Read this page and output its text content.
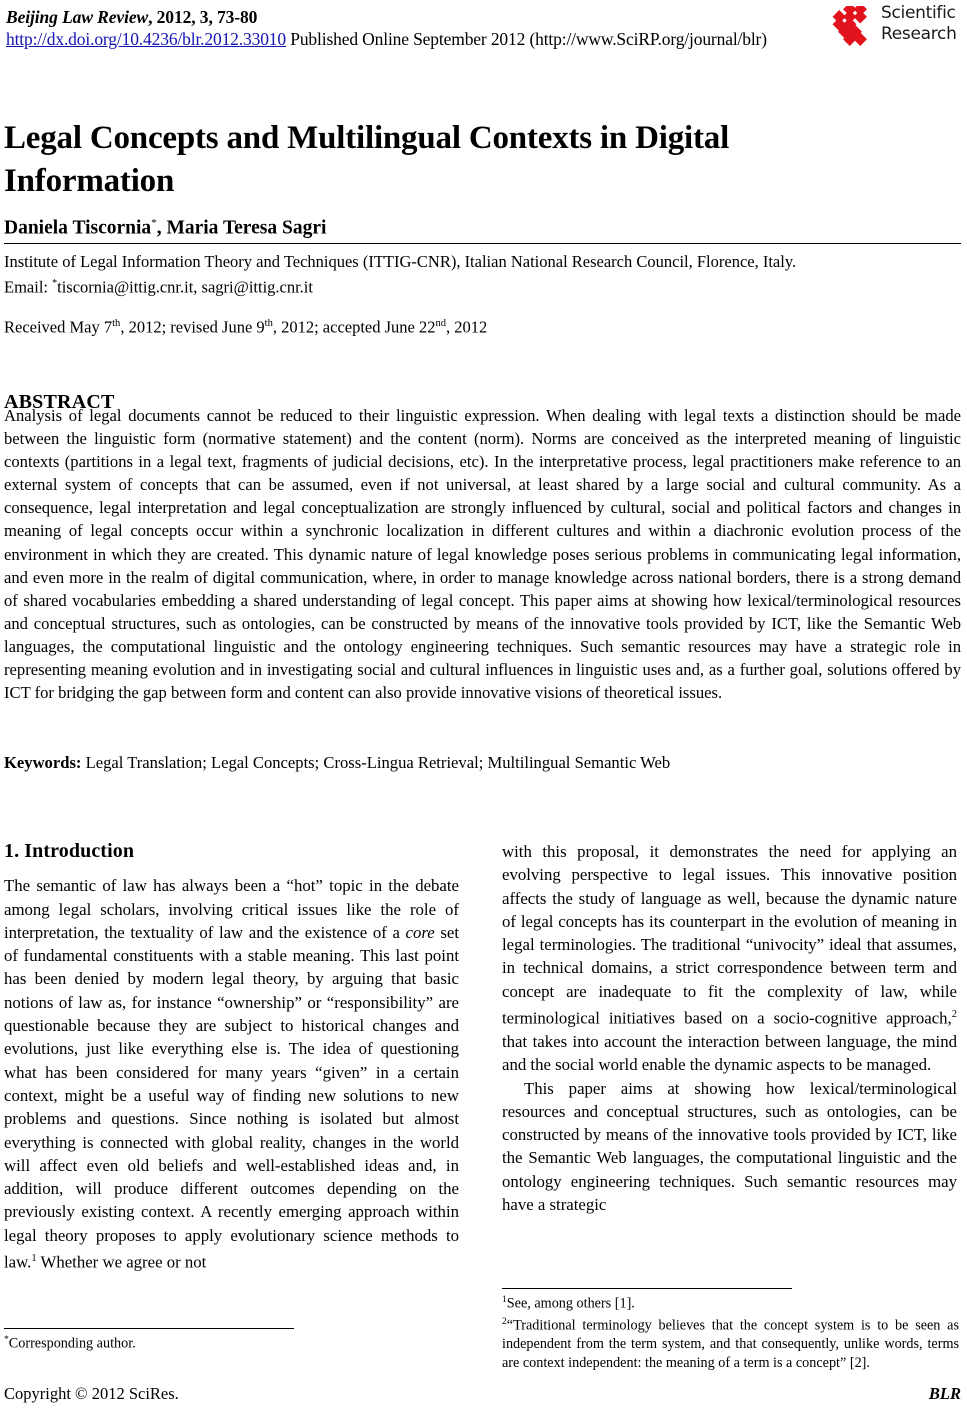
Beijing Law Review, 2012, 3, 73-80
http://dx.doi.org/10.4236/blr.2012.33010 Published Online September 2012 (http://www.SciRP.org/journal/blr)
Scientific
Research
Legal Concepts and Multilingual Contexts in Digital Information
Daniela Tiscornia*, Maria Teresa Sagri
Institute of Legal Information Theory and Techniques (ITTIG-CNR), Italian National Research Council, Florence, Italy.
Email: *tiscornia@ittig.cnr.it, sagri@ittig.cnr.it
Received May 7th, 2012; revised June 9th, 2012; accepted June 22nd, 2012
ABSTRACT
Analysis of legal documents cannot be reduced to their linguistic expression. When dealing with legal texts a distinction should be made between the linguistic form (normative statement) and the content (norm). Norms are conceived as the interpreted meaning of linguistic contexts (partitions in a legal text, fragments of judicial decisions, etc). In the interpretative process, legal practitioners make reference to an external system of concepts that can be assumed, even if not universal, at least shared by a large social and cultural community. As a consequence, legal interpretation and legal conceptualization are strongly influenced by cultural, social and political factors and changes in meaning of legal concepts occur within a synchronic localization in different cultures and within a diachronic evolution process of the environment in which they are created. This dynamic nature of legal knowledge poses serious problems in communicating legal information, and even more in the realm of digital communication, where, in order to manage knowledge across national borders, there is a strong demand of shared vocabularies embedding a shared understanding of legal concept. This paper aims at showing how lexical/terminological resources and conceptual structures, such as ontologies, can be constructed by means of the innovative tools provided by ICT, like the Semantic Web languages, the computational linguistic and the ontology engineering techniques. Such semantic resources may have a strategic role in representing meaning evolution and in investigating social and cultural influences in linguistic uses and, as a further goal, solutions offered by ICT for bridging the gap between form and content can also provide innovative visions of theoretical issues.
Keywords: Legal Translation; Legal Concepts; Cross-Lingua Retrieval; Multilingual Semantic Web
1. Introduction

The semantic of law has always been a “hot” topic in the debate among legal scholars, involving critical issues like the role of interpretation, the textuality of law and the existence of a core set of fundamental constituents with a stable meaning. This last point has been denied by modern legal theory, by arguing that basic notions of law as, for instance “ownership” or “responsibility” are questionable because they are subject to historical changes and evolutions, just like everything else is. The idea of questioning what has been considered for many years “given” in a certain context, might be a useful way of finding new solutions to new problems and questions. Since nothing is isolated but almost everything is connected with global reality, changes in the world will affect even old beliefs and well-established ideas and, in addition, will produce different outcomes depending on the previously existing context. A recently emerging approach within legal theory proposes to apply evolutionary science methods to law.$^1$ Whether we agree or not

with this proposal, it demonstrates the need for applying an evolving perspective to legal issues. This innovative position affects the study of language as well, because the dynamic nature of legal concepts has its counterpart in the evolution of meaning in legal terminologies. The traditional “univocity” ideal that assumes, in technical domains, a strict correspondence between term and concept are inadequate to fit the complexity of law, while terminological initiatives based on a socio-cognitive approach,$^2$ that takes into account the interaction between language, the mind and the social world enable the dynamic aspects to be managed.

This paper aims at showing how lexical/terminological resources and conceptual structures, such as ontologies, can be constructed by means of the innovative tools provided by ICT, like the Semantic Web languages, the computational linguistic and the ontology engineering techniques. Such semantic resources may have a strategic

*Corresponding author.
$^1$See, among others [1].
$^2$“Traditional terminology believes that the concept system is to be seen as independent from the term system, and that consequently, unlike words, terms are context independent: the meaning of a term is a concept” [2].
Copyright © 2012 SciRes.	BLR
